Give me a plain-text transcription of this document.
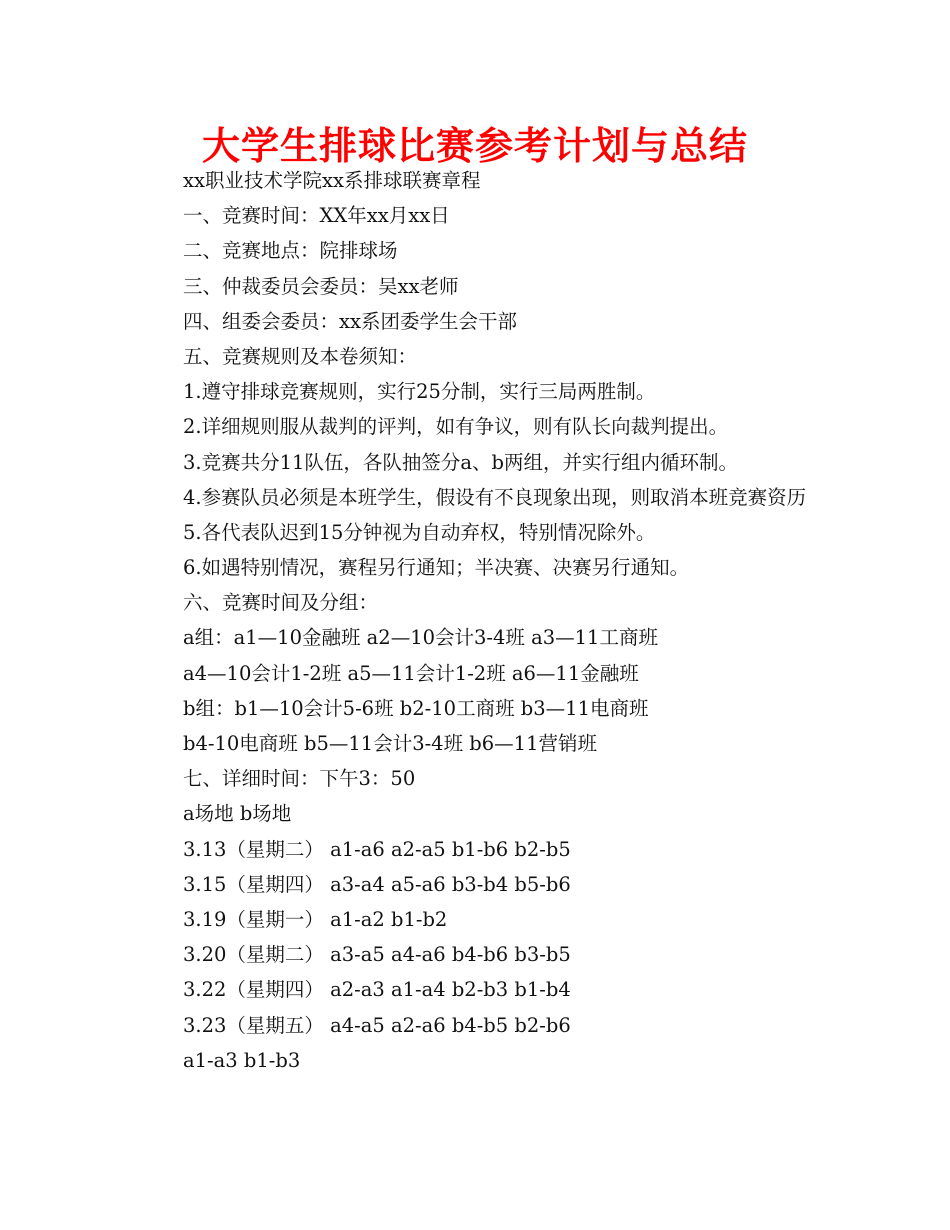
大学生排球比赛参考计划与总结
xx职业技术学院xx系排球联赛章程
一、竞赛时间：XX年xx月xx日
二、竞赛地点：院排球场
三、仲裁委员会委员：吴xx老师
四、组委会委员：xx系团委学生会干部
五、竞赛规则及本卷须知：
1.遵守排球竞赛规则，实行25分制，实行三局两胜制。
2.详细规则服从裁判的评判，如有争议，则有队长向裁判提出。
3.竞赛共分11队伍，各队抽签分a、b两组，并实行组内循环制。
4.参赛队员必须是本班学生，假设有不良现象出现，则取消本班竞赛资历
5.各代表队迟到15分钟视为自动弃权，特别情况除外。
6.如遇特别情况，赛程另行通知；半决赛、决赛另行通知。
六、竞赛时间及分组：
a组：a1—10金融班 a2—10会计3-4班 a3—11工商班
a4—10会计1-2班 a5—11会计1-2班 a6—11金融班
b组：b1—10会计5-6班 b2-10工商班 b3—11电商班
b4-10电商班 b5—11会计3-4班 b6—11营销班
七、详细时间：下午3：50
a场地 b场地
3.13（星期二） a1-a6 a2-a5 b1-b6 b2-b5
3.15（星期四） a3-a4 a5-a6 b3-b4 b5-b6
3.19（星期一） a1-a2 b1-b2
3.20（星期二） a3-a5 a4-a6 b4-b6 b3-b5
3.22（星期四） a2-a3 a1-a4 b2-b3 b1-b4
3.23（星期五） a4-a5 a2-a6 b4-b5 b2-b6
a1-a3 b1-b3
